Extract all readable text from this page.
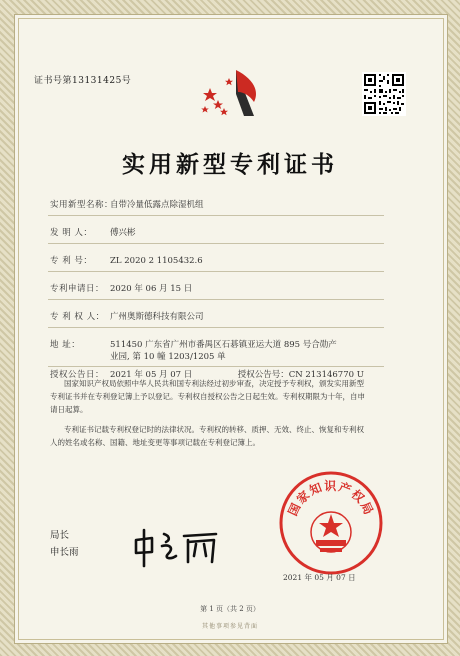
证书号第13131425号
实用新型专利证书
实用新型名称：自带冷量低露点除湿机组
发 明 人： 傅兴彬
专 利 号： ZL 2020 2 1105432.6
专利申请日： 2020 年 06 月 15 日
专 利 权 人： 广州奥斯德科技有限公司
地 址：	511450 广东省广州市番禺区石碁镇亚运大道 895 号合勋产
业园, 第 10 幢 1203/1205 单
授权公告日： 2021 年 05 月 07 日	授权公告号：CN 213146770 U
国家知识产权局依照中华人民共和国专利法经过初步审查，决定授予专利权，颁发实用新型专利证书并在专利登记簿上予以登记。专利权自授权公告之日起生效。专利权期限为十年，自申请日起算。
专利证书记载专利权登记时的法律状况。专利权的转移、质押、无效、终止、恢复和专利权人的姓名或名称、国籍、地址变更等事项记载在专利登记簿上。
局长
申长雨
国家知识产权局
2021 年 05 月 07 日
第 1 页（共 2 页）
其他事项参见背面
